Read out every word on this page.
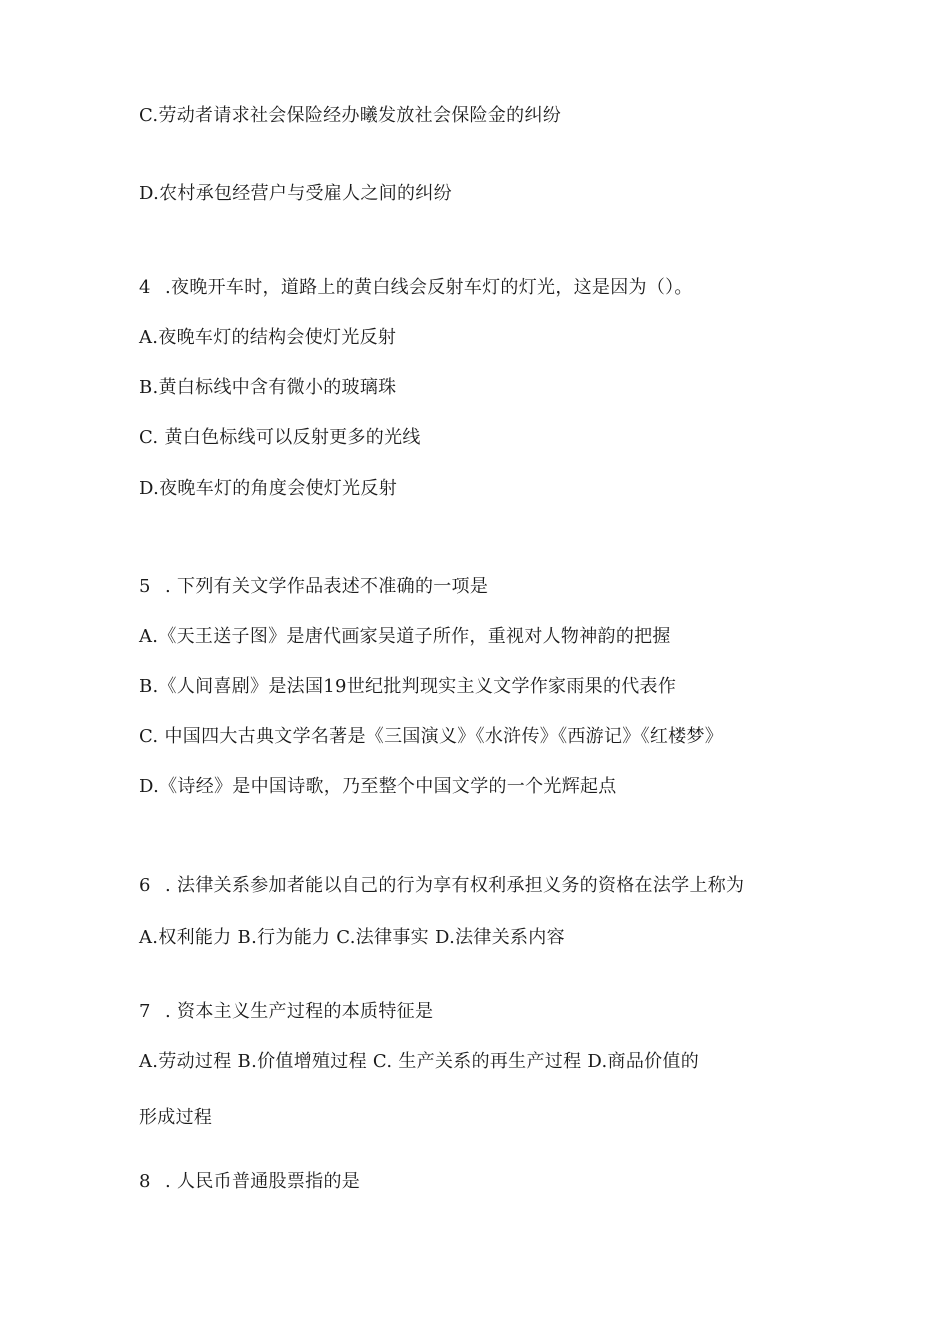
C.劳动者请求社会保险经办曦发放社会保险金的纠纷
D.农村承包经营户与受雇人之间的纠纷
4 .夜晚开车时，道路上的黄白线会反射车灯的灯光，这是因为（）。
A.夜晚车灯的结构会使灯光反射
B.黄白标线中含有微小的玻璃珠
C. 黄白色标线可以反射更多的光线
D.夜晚车灯的角度会使灯光反射
5 . 下列有关文学作品表述不准确的一项是
A.《天王送子图》是唐代画家吴道子所作，重视对人物神韵的把握
B.《人间喜剧》是法国19世纪批判现实主义文学作家雨果的代表作
C. 中国四大古典文学名著是《三国演义》《水浒传》《西游记》《红楼梦》
D.《诗经》是中国诗歌，乃至整个中国文学的一个光辉起点
6 . 法律关系参加者能以自己的行为享有权利承担义务的资格在法学上称为
A.权利能力 B.行为能力 C.法律事实 D.法律关系内容
7 . 资本主义生产过程的本质特征是
A.劳动过程 B.价值增殖过程 C. 生产关系的再生产过程 D.商品价值的
形成过程
8 . 人民币普通股票指的是
